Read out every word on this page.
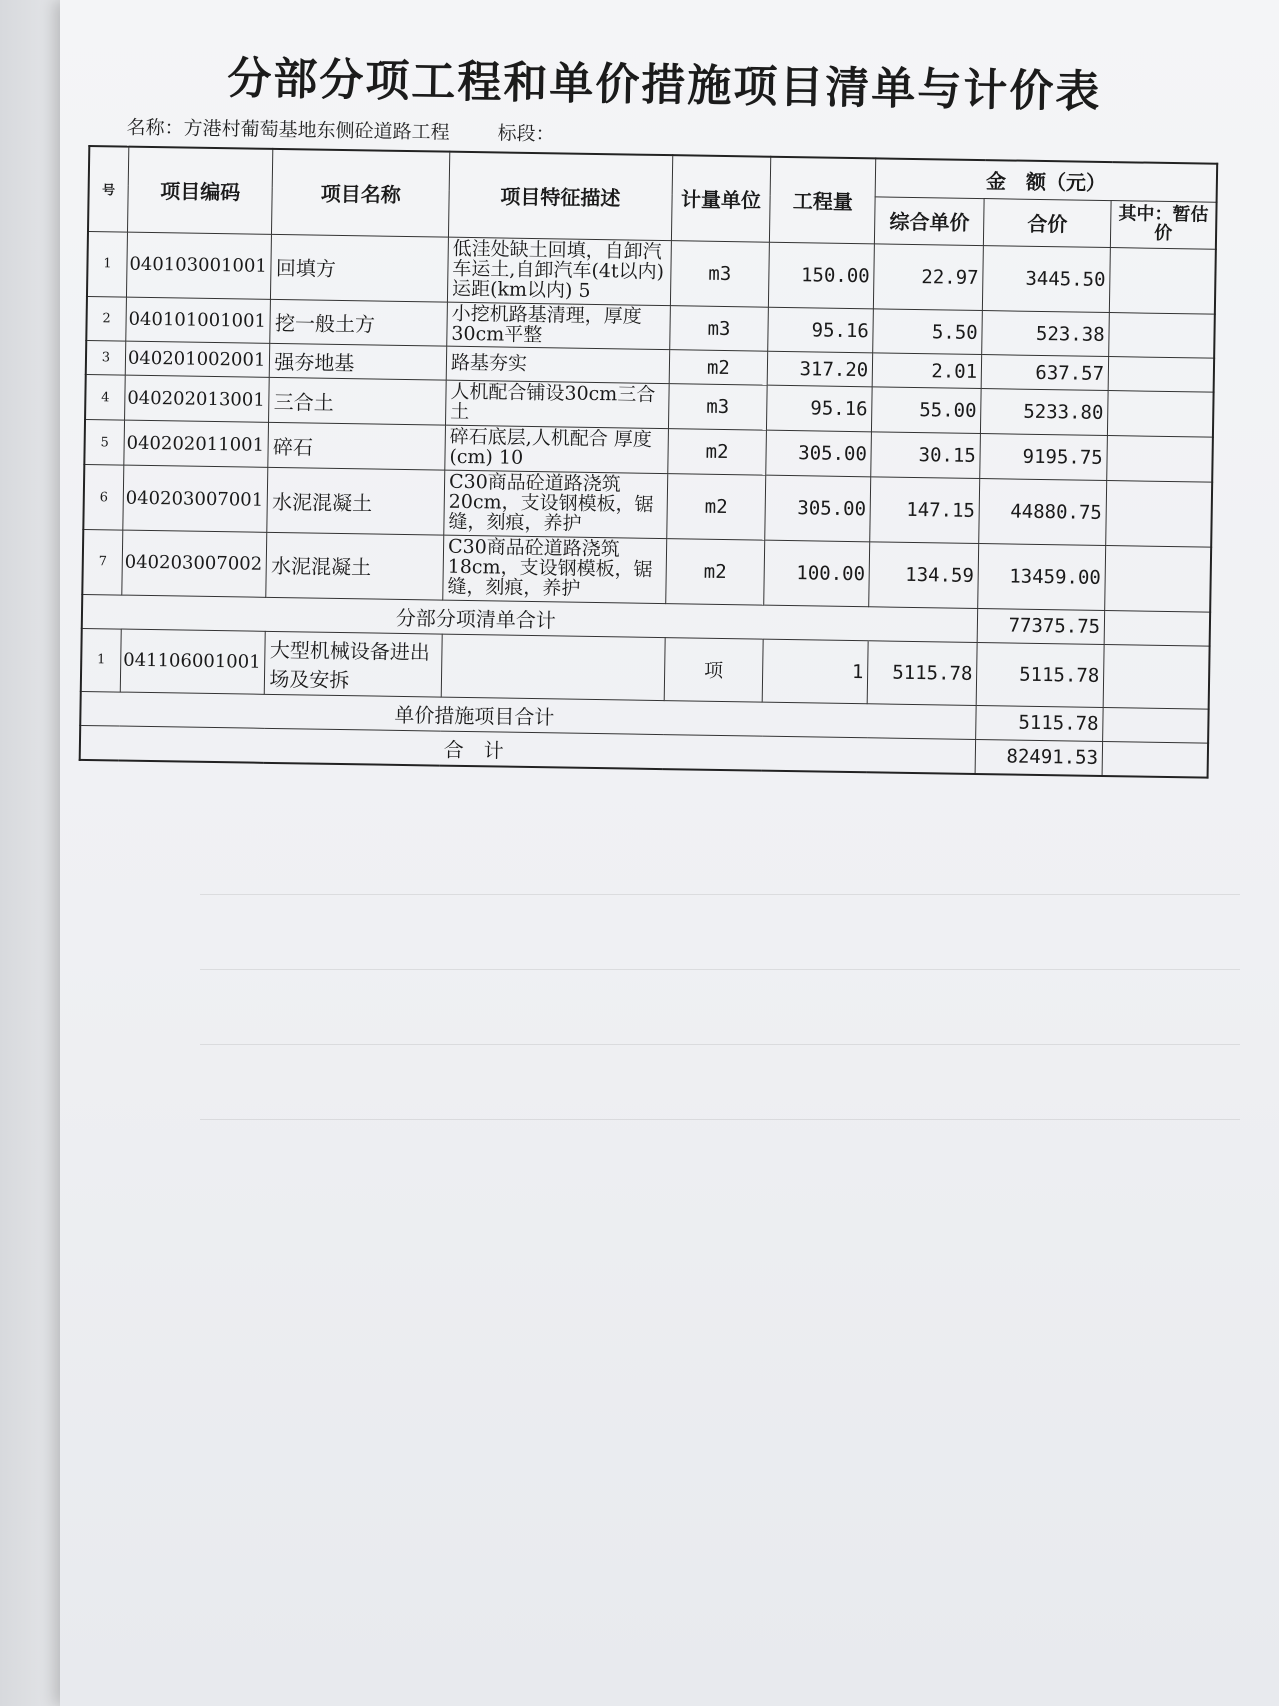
分部分项工程和单价措施项目清单与计价表
名称：方港村葡萄基地东侧砼道路工程	标段：
号	项目编码	项目名称	项目特征描述	计量单位	工程量	金　额（元）		
						综合单价	合价	其中：暂估价
1	040103001001	回填方	低洼处缺土回填，自卸汽车运土,自卸汽车(4t以内)运距(km以内) 5	m3	150.00	22.97	3445.50	
2	040101001001	挖一般土方	小挖机路基清理，厚度30cm平整	m3	95.16	5.50	523.38	
3	040201002001	强夯地基	路基夯实	m2	317.20	2.01	637.57	
4	040202013001	三合土	人机配合铺设30cm三合土	m3	95.16	55.00	5233.80	
5	040202011001	碎石	碎石底层,人机配合 厚度(cm) 10	m2	305.00	30.15	9195.75	
6	040203007001	水泥混凝土	C30商品砼道路浇筑20cm，支设钢模板，锯缝，刻痕，养护	m2	305.00	147.15	44880.75	
7	040203007002	水泥混凝土	C30商品砼道路浇筑18cm，支设钢模板，锯缝，刻痕，养护	m2	100.00	134.59	13459.00	
分部分项清单合计							77375.75	
1	041106001001	大型机械设备进出场及安拆		项	1	5115.78	5115.78	
单价措施项目合计							5115.78	
合　计							82491.53	
